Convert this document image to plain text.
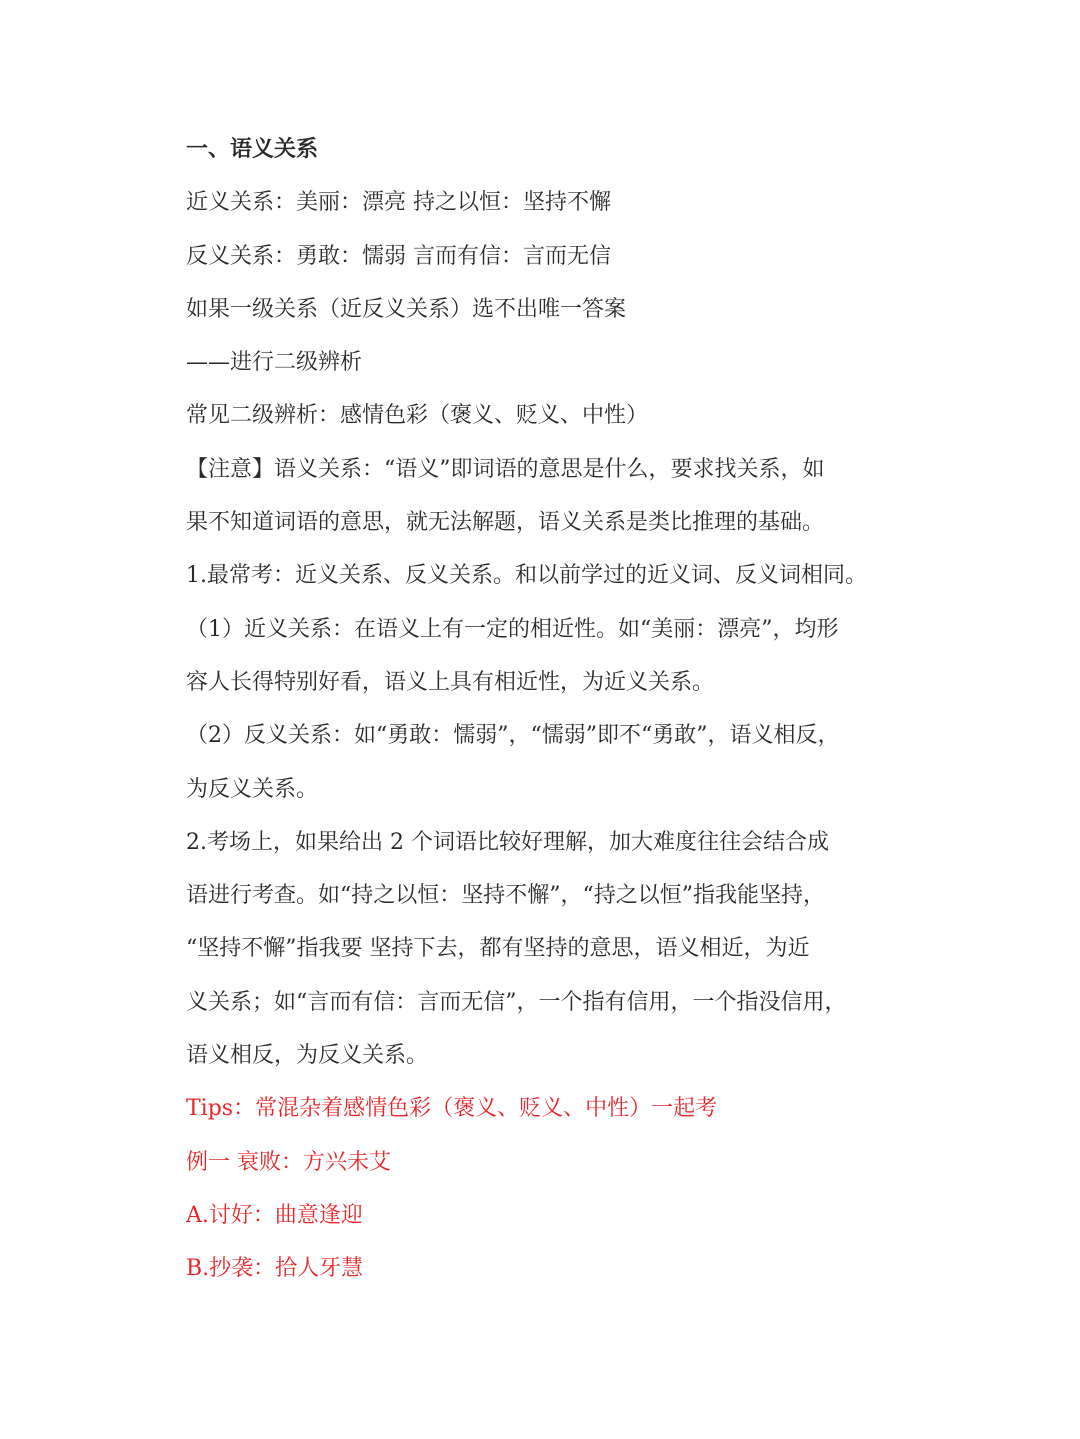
一、语义关系
近义关系：美丽：漂亮 持之以恒：坚持不懈
反义关系：勇敢：懦弱 言而有信：言而无信
如果一级关系（近反义关系）选不出唯一答案
——进行二级辨析
常见二级辨析：感情色彩（褒义、贬义、中性）
【注意】语义关系：“语义”即词语的意思是什么，要求找关系，如
果不知道词语的意思，就无法解题，语义关系是类比推理的基础。
1.最常考：近义关系、反义关系。和以前学过的近义词、反义词相同。
（1）近义关系：在语义上有一定的相近性。如“美丽：漂亮”，均形
容人长得特别好看，语义上具有相近性，为近义关系。
（2）反义关系：如“勇敢：懦弱”，“懦弱”即不“勇敢”，语义相反，
为反义关系。
2.考场上，如果给出 2 个词语比较好理解，加大难度往往会结合成
语进行考查。如“持之以恒：坚持不懈”，“持之以恒”指我能坚持，
“坚持不懈”指我要 坚持下去，都有坚持的意思，语义相近，为近
义关系；如“言而有信：言而无信”，一个指有信用，一个指没信用，
语义相反，为反义关系。
Tips：常混杂着感情色彩（褒义、贬义、中性）一起考
例一 衰败：方兴未艾
A.讨好：曲意逢迎
B.抄袭：拾人牙慧
